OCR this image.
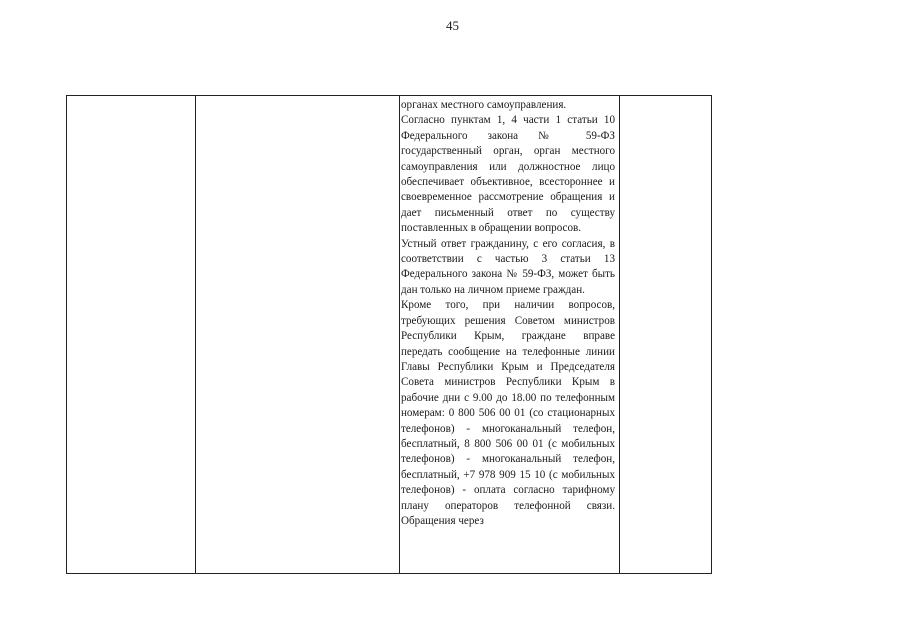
45

органах местного самоуправления.

Согласно пунктам 1, 4 части 1 статьи 10 Федерального закона № 59-ФЗ государственный орган, орган местного самоуправления или должностное лицо обеспечивает объективное, всестороннее и своевременное рассмотрение обращения и дает письменный ответ по существу поставленных в обращении вопросов.

Устный ответ гражданину, с его согласия, в соответствии с частью 3 статьи 13 Федерального закона № 59-ФЗ, может быть дан только на личном приеме граждан.

Кроме того, при наличии вопросов, требующих решения Советом министров Республики Крым, граждане вправе передать сообщение на телефонные линии Главы Республики Крым и Председателя Совета министров Республики Крым в рабочие дни с 9.00 до 18.00 по телефонным номерам: 0 800 506 00 01 (со стационарных телефонов) - многоканальный телефон, бесплатный, 8 800 506 00 01 (с мобильных телефонов) - многоканальный телефон, бесплатный, +7 978 909 15 10 (с мобильных телефонов) - оплата согласно тарифному плану операторов телефонной связи. Обращения через
